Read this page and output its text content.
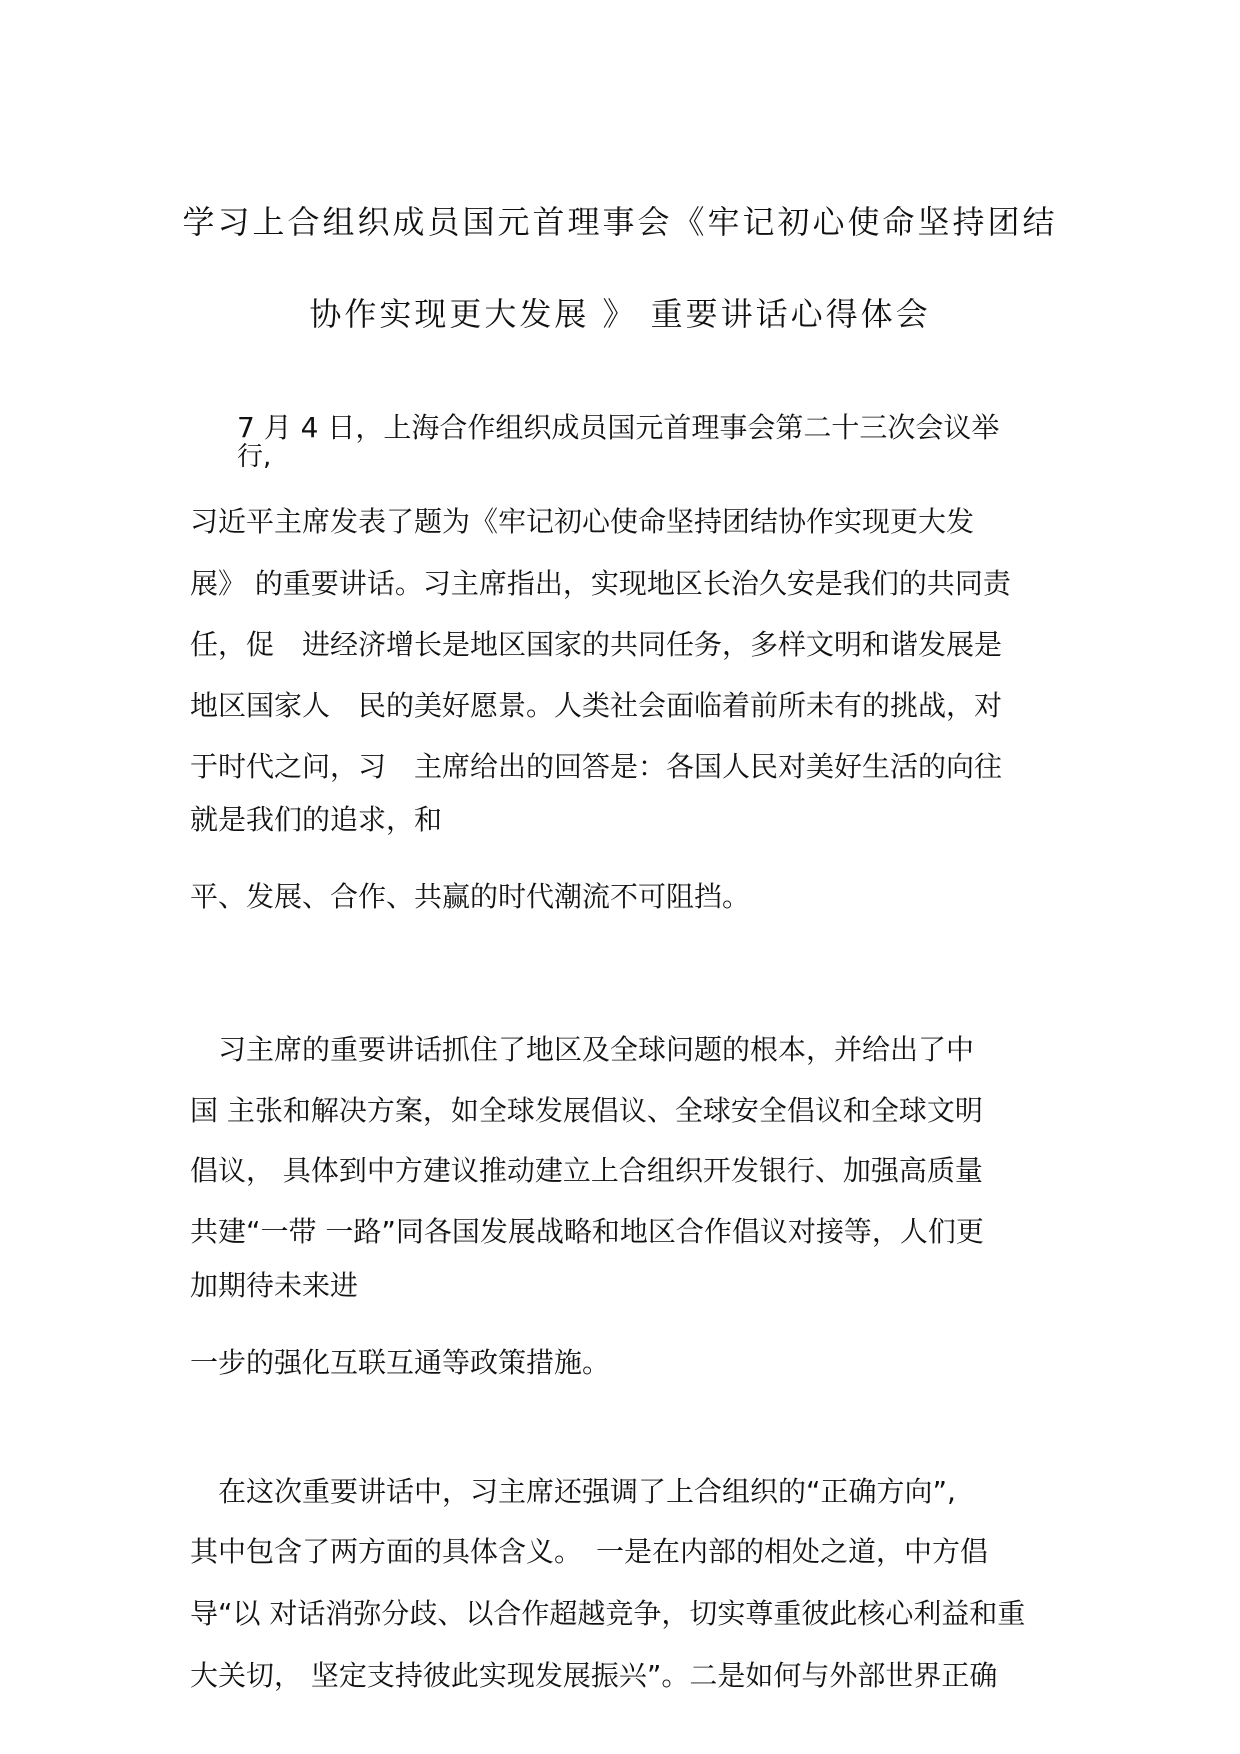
学习上合组织成员国元首理事会《牢记初心使命坚持团结
协作实现更大发展 》 重要讲话心得体会
7 月 4 日，上海合作组织成员国元首理事会第二十三次会议举
行,
习近平主席发表了题为《牢记初心使命坚持团结协作实现更大发
展》 的重要讲话。习主席指出，实现地区长治久安是我们的共同责
任，促　进经济增长是地区国家的共同任务，多样文明和谐发展是
地区国家人　民的美好愿景。人类社会面临着前所未有的挑战，对
于时代之问，习　主席给出的回答是：各国人民对美好生活的向往
就是我们的追求，和
平、发展、合作、共赢的时代潮流不可阻挡。
　习主席的重要讲话抓住了地区及全球问题的根本，并给出了中
国 主张和解决方案，如全球发展倡议、全球安全倡议和全球文明
倡议， 具体到中方建议推动建立上合组织开发银行、加强高质量
共建“一带 一路”同各国发展战略和地区合作倡议对接等，人们更
加期待未来进
一步的强化互联互通等政策措施。
　在这次重要讲话中，习主席还强调了上合组织的“正确方向”,
其中包含了两方面的具体含义。　一是在内部的相处之道，中方倡
导“以 对话消弥分歧、以合作超越竞争，切实尊重彼此核心利益和重
大关切， 坚定支持彼此实现发展振兴”。二是如何与外部世界正确
